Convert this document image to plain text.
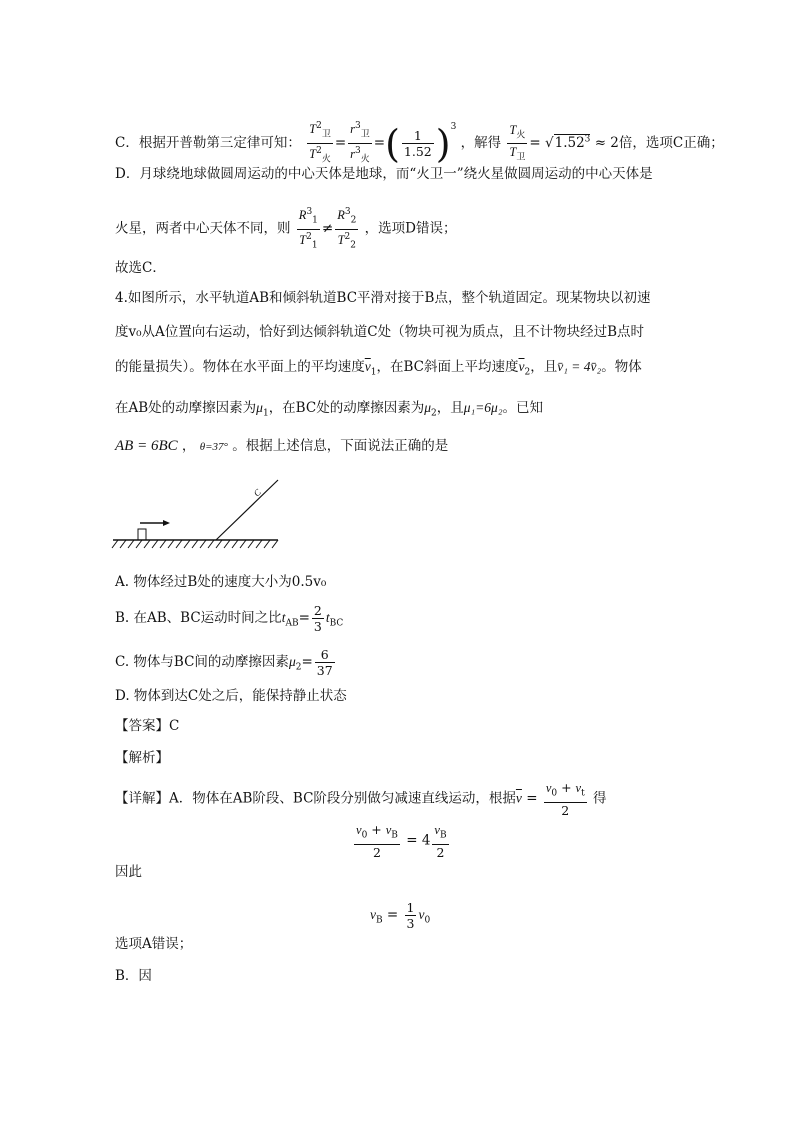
C．根据开普勒第三定律可知： $\frac{T^2_卫}{T^2_火} = \frac{r^3_卫}{r^3_火}$ =( $\frac{1}{1.52} )^3$ ，解得 $\frac{T_火}{T_卫} = √1.52^3 \approx 2$倍，选项C正确；
D．月球绕地球做圆周运动的中心天体是地球，而“火卫一”绕火星做圆周运动的中心天体是
火星，两者中心天体不同，则 $\frac{R^3_1}{T^2_1} \ne \frac{R^3_2}{T^2_2}$ ，选项D错误；
故选C．
4.如图所示，水平轨道AB和倾斜轨道BC平滑对接于B点，整个轨道固定。现某物块以初速
度v₀从A位置向右运动，恰好到达倾斜轨道C处（物块可视为质点，且不计物块经过B点时
的能量损失）。物体在水平面上的平均速度$\overline{v}_1$，在BC斜面上平均速度$\overline{v}_2$，且v̄₁ = 4v̄₂。物体
在AB处的动摩擦因素为$\mu_1$，在BC处的动摩擦因素为$\mu_2$，且μ₁=6μ₂。已知
AB = 6BC ， θ=37° 。根据上述信息，下面说法正确的是
C
A. 物体经过B处的速度大小为0.5v₀
B. 在AB、BC运动时间之比$t_{AB}= \frac{2}{3} t_{BC}$
C. 物体与BC间的动摩擦因素$\mu_2= \frac{6}{37}$
D. 物体到达C处之后，能保持静止状态
【答案】C
【解析】
【详解】A．物体在AB阶段、BC阶段分别做匀减速直线运动，根据$\overline{v} = \frac{v_0 + v_t}{2}$ 得
$\frac{v_0 + v_B}{2} = 4 \frac{v_B}{2}$
因此
$v_B = \frac{1}{3} v_0$
选项A错误；
B．因
